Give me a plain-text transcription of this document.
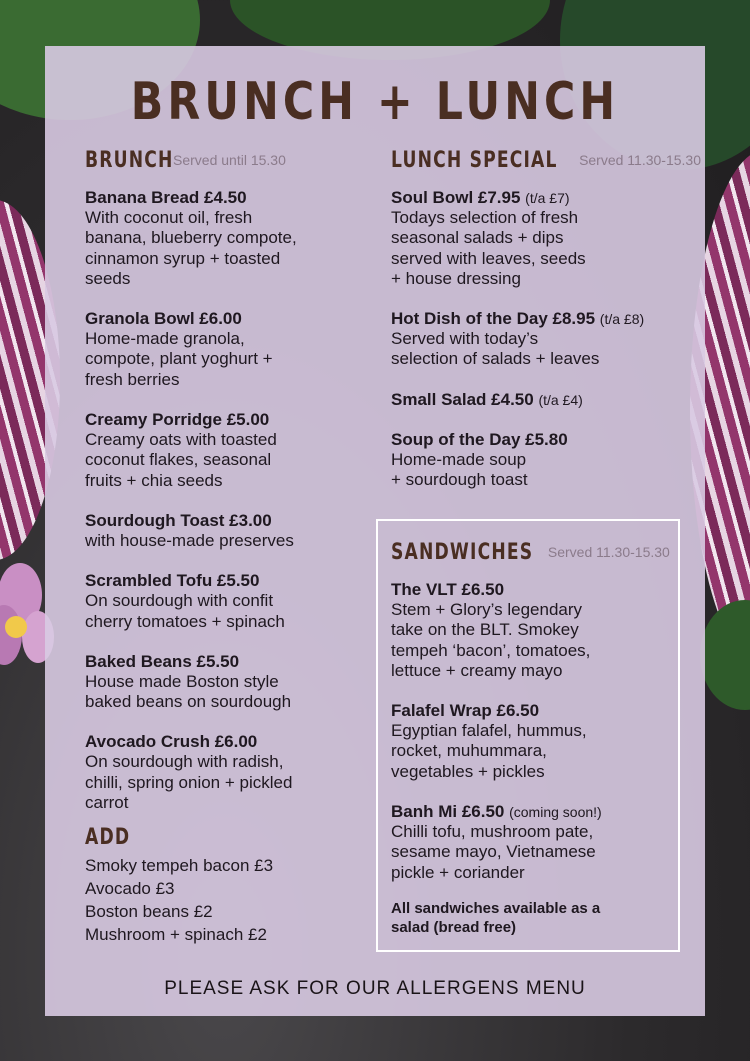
BRUNCH + LUNCH
BRUNCH Served until 15.30
Banana Bread £4.50
With coconut oil, fresh
banana, blueberry compote,
cinnamon syrup + toasted
seeds
Granola Bowl £6.00
Home-made granola,
compote, plant yoghurt +
fresh berries
Creamy Porridge £5.00
Creamy oats with toasted
coconut flakes, seasonal
fruits + chia seeds
Sourdough Toast £3.00
with house-made preserves
Scrambled Tofu £5.50
On sourdough with confit
cherry tomatoes + spinach
Baked Beans £5.50
House made Boston style
baked beans on sourdough
Avocado Crush £6.00
On sourdough with radish,
chilli, spring onion + pickled
carrot
ADD
Smoky tempeh bacon £3
Avocado £3
Boston beans £2
Mushroom + spinach £2
LUNCH SPECIAL Served 11.30-15.30
Soul Bowl £7.95 (t/a £7)
Todays selection of fresh
seasonal salads + dips
served with leaves, seeds
+ house dressing
Hot Dish of the Day £8.95 (t/a £8)
Served with today’s
selection of salads + leaves
Small Salad £4.50 (t/a £4)
Soup of the Day £5.80
Home-made soup
+ sourdough toast
SANDWICHES Served 11.30-15.30
The VLT £6.50
Stem + Glory’s legendary
take on the BLT. Smokey
tempeh ‘bacon’, tomatoes,
lettuce + creamy mayo
Falafel Wrap £6.50
Egyptian falafel, hummus,
rocket, muhummara,
vegetables + pickles
Banh Mi £6.50 (coming soon!)
Chilli tofu, mushroom pate,
sesame mayo, Vietnamese
pickle + coriander
All sandwiches available as a
salad (bread free)
PLEASE ASK FOR OUR ALLERGENS MENU
